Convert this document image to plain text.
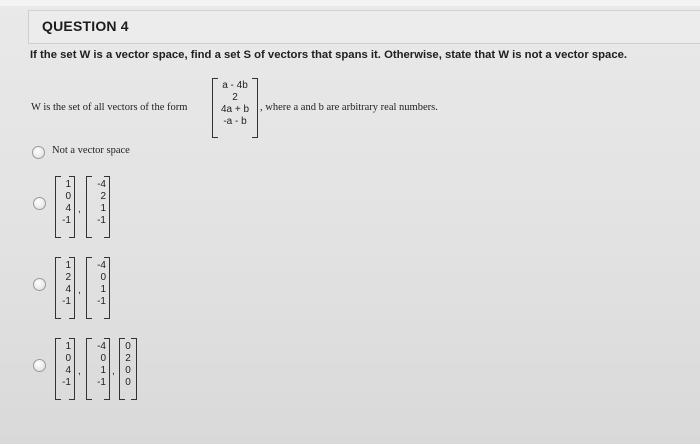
QUESTION 4
If the set W is a vector space, find a set S of vectors that spans it. Otherwise, state that W is not a vector space.
W is the set of all vectors of the form
a - 4b
2
4a + b
-a - b
, where a and b are arbitrary real numbers.
Not a vector space
1
0
4
-1
,
-4
2
1
-1
1
2
4
-1
,
-4
0
1
-1
1
0
4
-1
,
-4
0
1
-1
,
0
2
0
0
